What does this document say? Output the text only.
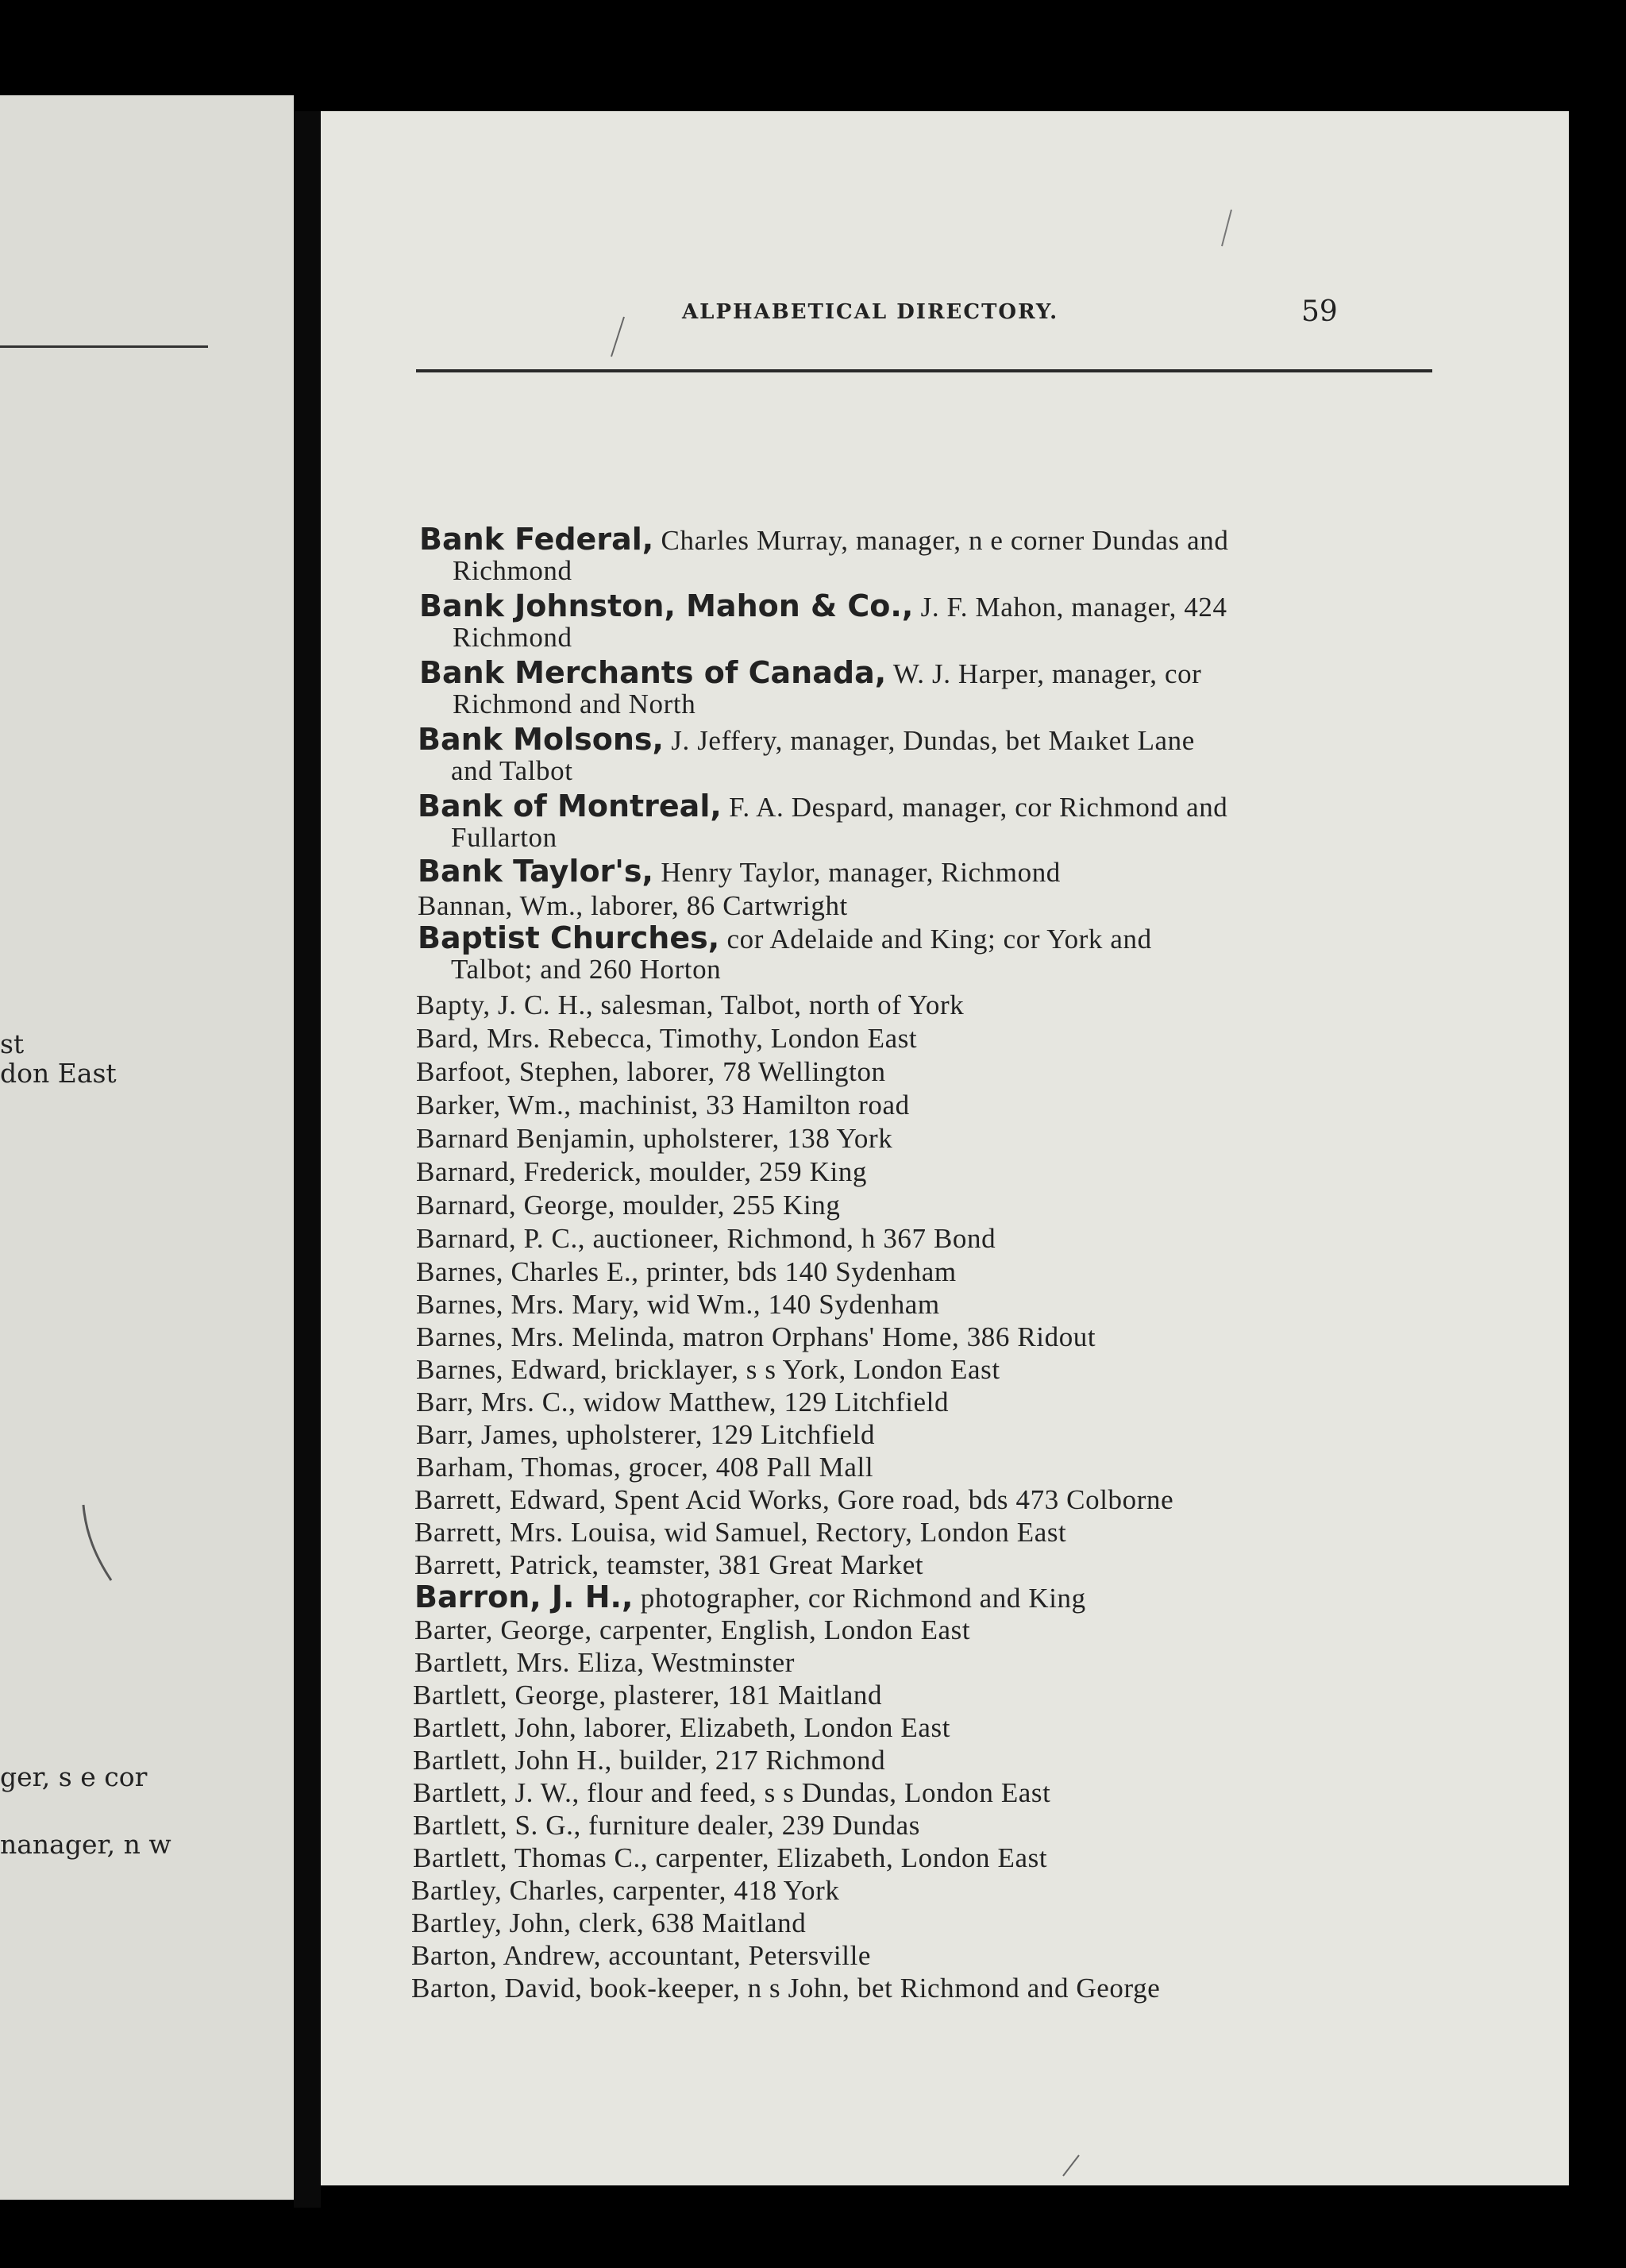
st
don East
ger, s e cor
nanager, n w
ALPHABETICAL DIRECTORY.	59
Bank Federal, Charles Murray, manager, n e corner Dundas and
Richmond
Bank Johnston, Mahon & Co., J. F. Mahon, manager, 424
Richmond
Bank Merchants of Canada, W. J. Harper, manager, cor
Richmond and North
Bank Molsons, J. Jeffery, manager, Dundas, bet Maıket Lane
and Talbot
Bank of Montreal, F. A. Despard, manager, cor Richmond and
Fullarton
Bank Taylor's, Henry Taylor, manager, Richmond
Bannan, Wm., laborer, 86 Cartwright
Baptist Churches, cor Adelaide and King; cor York and
Talbot; and 260 Horton
Bapty, J. C. H., salesman, Talbot, north of York
Bard, Mrs. Rebecca, Timothy, London East
Barfoot, Stephen, laborer, 78 Wellington
Barker, Wm., machinist, 33 Hamilton road
Barnard Benjamin, upholsterer, 138 York
Barnard, Frederick, moulder, 259 King
Barnard, George, moulder, 255 King
Barnard, P. C., auctioneer, Richmond, h 367 Bond
Barnes, Charles E., printer, bds 140 Sydenham
Barnes, Mrs. Mary, wid Wm., 140 Sydenham
Barnes, Mrs. Melinda, matron Orphans' Home, 386 Ridout
Barnes, Edward, bricklayer, s s York, London East
Barr, Mrs. C., widow Matthew, 129 Litchfield
Barr, James, upholsterer, 129 Litchfield
Barham, Thomas, grocer, 408 Pall Mall
Barrett, Edward, Spent Acid Works, Gore road, bds 473 Colborne
Barrett, Mrs. Louisa, wid Samuel, Rectory, London East
Barrett, Patrick, teamster, 381 Great Market
Barron, J. H., photographer, cor Richmond and King
Barter, George, carpenter, English, London East
Bartlett, Mrs. Eliza, Westminster
Bartlett, George, plasterer, 181 Maitland
Bartlett, John, laborer, Elizabeth, London East
Bartlett, John H., builder, 217 Richmond
Bartlett, J. W., flour and feed, s s Dundas, London East
Bartlett, S. G., furniture dealer, 239 Dundas
Bartlett, Thomas C., carpenter, Elizabeth, London East
Bartley, Charles, carpenter, 418 York
Bartley, John, clerk, 638 Maitland
Barton, Andrew, accountant, Petersville
Barton, David, book-keeper, n s John, bet Richmond and George
